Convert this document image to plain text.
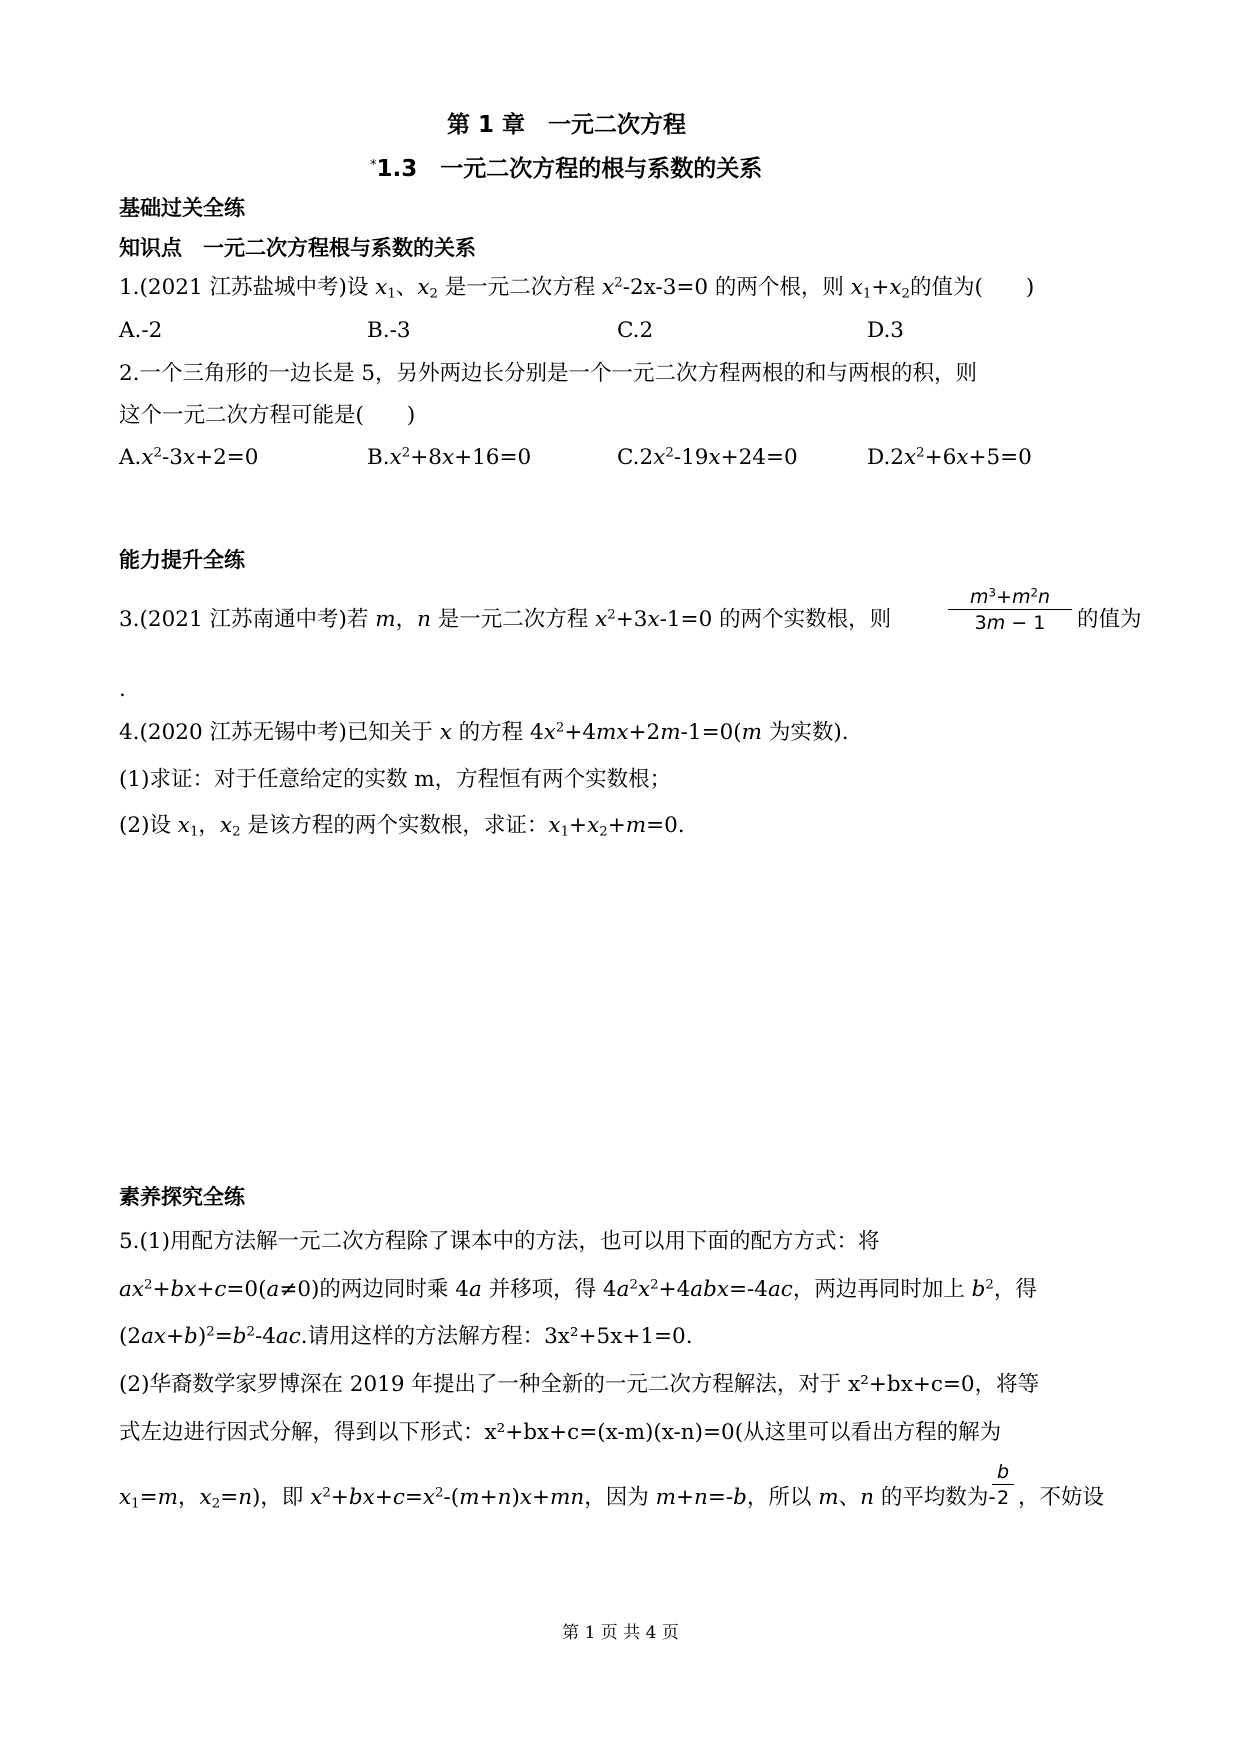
第 1 章　一元二次方程
*1.3　一元二次方程的根与系数的关系
基础过关全练
知识点　一元二次方程根与系数的关系
1.(2021 江苏盐城中考)设 $x_1$、$x_2$ 是一元二次方程 $x^2-2x-3=0$ 的两个根，则 $x_1+x_2$的值为(　　)
A.-2	B.-3	C.2	D.3
2.一个三角形的一边长是 5，另外两边长分别是一个一元二次方程两根的和与两根的积，则
这个一元二次方程可能是(　　)
$A.x^2-3x+2=0$	$B.x^2+8x+16=0$	$C.2x^2-19x+24=0$	$D.2x^2+6x+5=0$
能力提升全练
3.(2021 江苏南通中考)若 m，n 是一元二次方程 $x^2+3x-1=0$ 的两个实数根，则
$m^3+m^2n$
3m − 1	的值为
.
4.(2020 江苏无锡中考)已知关于 x 的方程 $4x^2+4mx+2m-1=0(m$ 为实数).
(1)求证：对于任意给定的实数 m，方程恒有两个实数根；
(2)设 $x_1$，$x_2$ 是该方程的两个实数根，求证：$x_1+x_2+m=0$.
素养探究全练
5.(1)用配方法解一元二次方程除了课本中的方法，也可以用下面的配方方式：将
$ax^2+bx+c=0(a\ne 0)$的两边同时乘 4a 并移项，得 $4a^2x^2+4abx=-4ac$，两边再同时加上 $b^2$，得
$(2ax+b)^2=b^2-4ac$.请用这样的方法解方程：3x²+5x+1=0.
(2)华裔数学家罗博深在 2019 年提出了一种全新的一元二次方程解法，对于 x²+bx+c=0，将等
式左边进行因式分解，得到以下形式：x²+bx+c=(x-m)(x-n)=0(从这里可以看出方程的解为
$x_1=m$，$x_2=n$)，即 $x^2+bx+c=x^2-(m+n)x+mn$，因为 m+n=-b，所以 m、n 的平均数为-
b
2 ，不妨设
第 1 页 共 4 页
